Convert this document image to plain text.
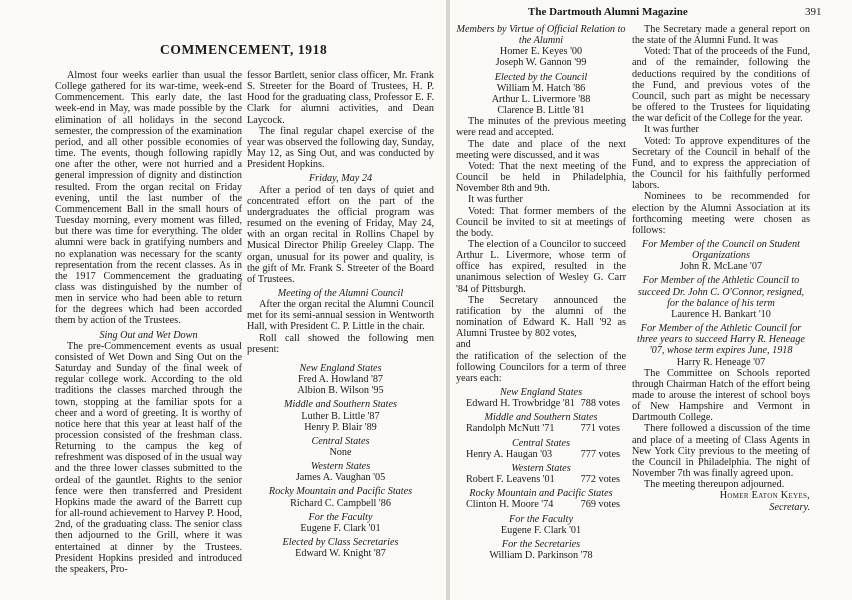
COMMENCEMENT, 1918
The Dartmouth Alumni Magazine	391

Almost four weeks earlier than usual the College gathered for its war-time, week-end Commencement. This early date, the last week-end in May, was made possible by the elimination of all holidays in the second semester, the compression of the examination period, and all other possible economies of time. The events, though following rapidly one after the other, were not hurried and a general impression of dignity and distinction resulted. From the organ recital on Friday evening, until the last number of the Commencement Ball in the small hours of Tuesday morning, every moment was filled, but there was time for everything. The older alumni were back in gratifying numbers and no explanation was necessary for the scanty representation from the recent classes. As in the 1917 Commencement the graduating class was distinguished by the number of men in service who had been able to return for the degrees which had been accorded them by action of the Trustees.

Sing Out and Wet Down

The pre-Commencement events as usual consisted of Wet Down and Sing Out on the Saturday and Sunday of the final week of regular college work. According to the old traditions the classes marched through the town, stopping at the familiar spots for a cheer and a word of greeting. It is worthy of notice here that this year at least half of the procession consisted of the freshman class. Returning to the campus the keg of refreshment was disposed of in the usual way and the three lower classes submitted to the ordeal of the gauntlet. Rights to the senior fence were then transferred and President Hopkins made the award of the Barrett cup for all-round achievement to Harvey P. Hood, 2nd, of the graduating class. The senior class then adjourned to the Grill, where it was entertained at dinner by the Trustees. President Hopkins presided and introduced the speakers, Pro-

fessor Bartlett, senior class officer, Mr. Frank S. Streeter for the Board of Trustees, H. P. Hood for the graduating class, Professor E. F. Clark for alumni activities, and Dean Laycock.

The final regular chapel exercise of the year was observed the following day, Sunday, May 12, as Sing Out, and was conducted by President Hopkins.

Friday, May 24

After a period of ten days of quiet and concentrated effort on the part of the undergraduates the official program was resumed on the evening of Friday, May 24, with an organ recital in Rollins Chapel by Musical Director Philip Greeley Clapp. The organ, unusual for its power and quality, is the gift of Mr. Frank S. Streeter of the Board of Trustees.

Meeting of the Alumni Council

After the organ recital the Alumni Council met for its semi-annual session in Wentworth Hall, with President C. P. Little in the chair.

Roll call showed the following men present:

New England States

Fred A. Howland '87

Albion B. Wilson '95

Middle and Southern States

Luther B. Little '87

Henry P. Blair '89

Central States

None

Western States

James A. Vaughan '05

Rocky Mountain and Pacific States

Richard C. Campbell '86

For the Faculty

Eugene F. Clark '01

Elected by Class Secretaries

Edward W. Knight '87

Members by Virtue of Official Relation to the Alumni

Homer E. Keyes '00

Joseph W. Gannon '99

Elected by the Council

William M. Hatch '86

Arthur L. Livermore '88

Clarence B. Little '81

The minutes of the previous meeting were read and accepted.

The date and place of the next meeting were discussed, and it was

Voted: That the next meeting of the Council be held in Philadelphia, November 8th and 9th.

It was further

Voted: That former members of the Council be invited to sit at meetings of the body.

The election of a Councilor to succeed Arthur L. Livermore, whose term of office has expired, resulted in the unanimous selection of Wesley G. Carr '84 of Pittsburgh.

The Secretary announced the ratification by the alumni of the nomination of Edward K. Hall '92 as Alumni Trustee by 802 votes,

and

the ratification of the selection of the following Councilors for a term of three years each:

New England States

Edward H. Trowbridge '81 788 votes

Middle and Southern States

Randolph McNutt '71	771 votes

Central States

Henry A. Haugan '03	777 votes

Western States

Robert F. Leavens '01	772 votes

Rocky Mountain and Pacific States

Clinton H. Moore '74	769 votes

For the Faculty

Eugene F. Clark '01

For the Secretaries

William D. Parkinson '78

The Secretary made a general report on the state of the Alumni Fund. It was

Voted: That of the proceeds of the Fund, and of the remainder, following the deductions required by the conditions of the Fund, and previous votes of the Council, such part as might be necessary be offered to the Trustees for liquidating the war deficit of the College for the year.

It was further

Voted: To approve expenditures of the Secretary of the Council in behalf of the Fund, and to express the appreciation of the Council for his faithfully performed labors.

Nominees to be recommended for election by the Alumni Association at its forthcoming meeting were chosen as follows:

For Member of the Council on Student Organizations

John R. McLane '07

For Member of the Athletic Council to succeed Dr. John C. O'Connor, resigned, for the balance of his term

Laurence H. Bankart '10

For Member of the Athletic Council for three years to succeed Harry R. Heneage '07, whose term expires June, 1918

Harry R. Heneage '07

The Committee on Schools reported through Chairman Hatch of the effort being made to arouse the interest of school boys of New Hampshire and Vermont in Dartmouth College.

There followed a discussion of the time and place of a meeting of Class Agents in New York City previous to the meeting of the Council in Philadelphia. The night of November 7th was finally agreed upon.

The meeting thereupon adjourned.

Homer Eaton Keyes,

Secretary.
